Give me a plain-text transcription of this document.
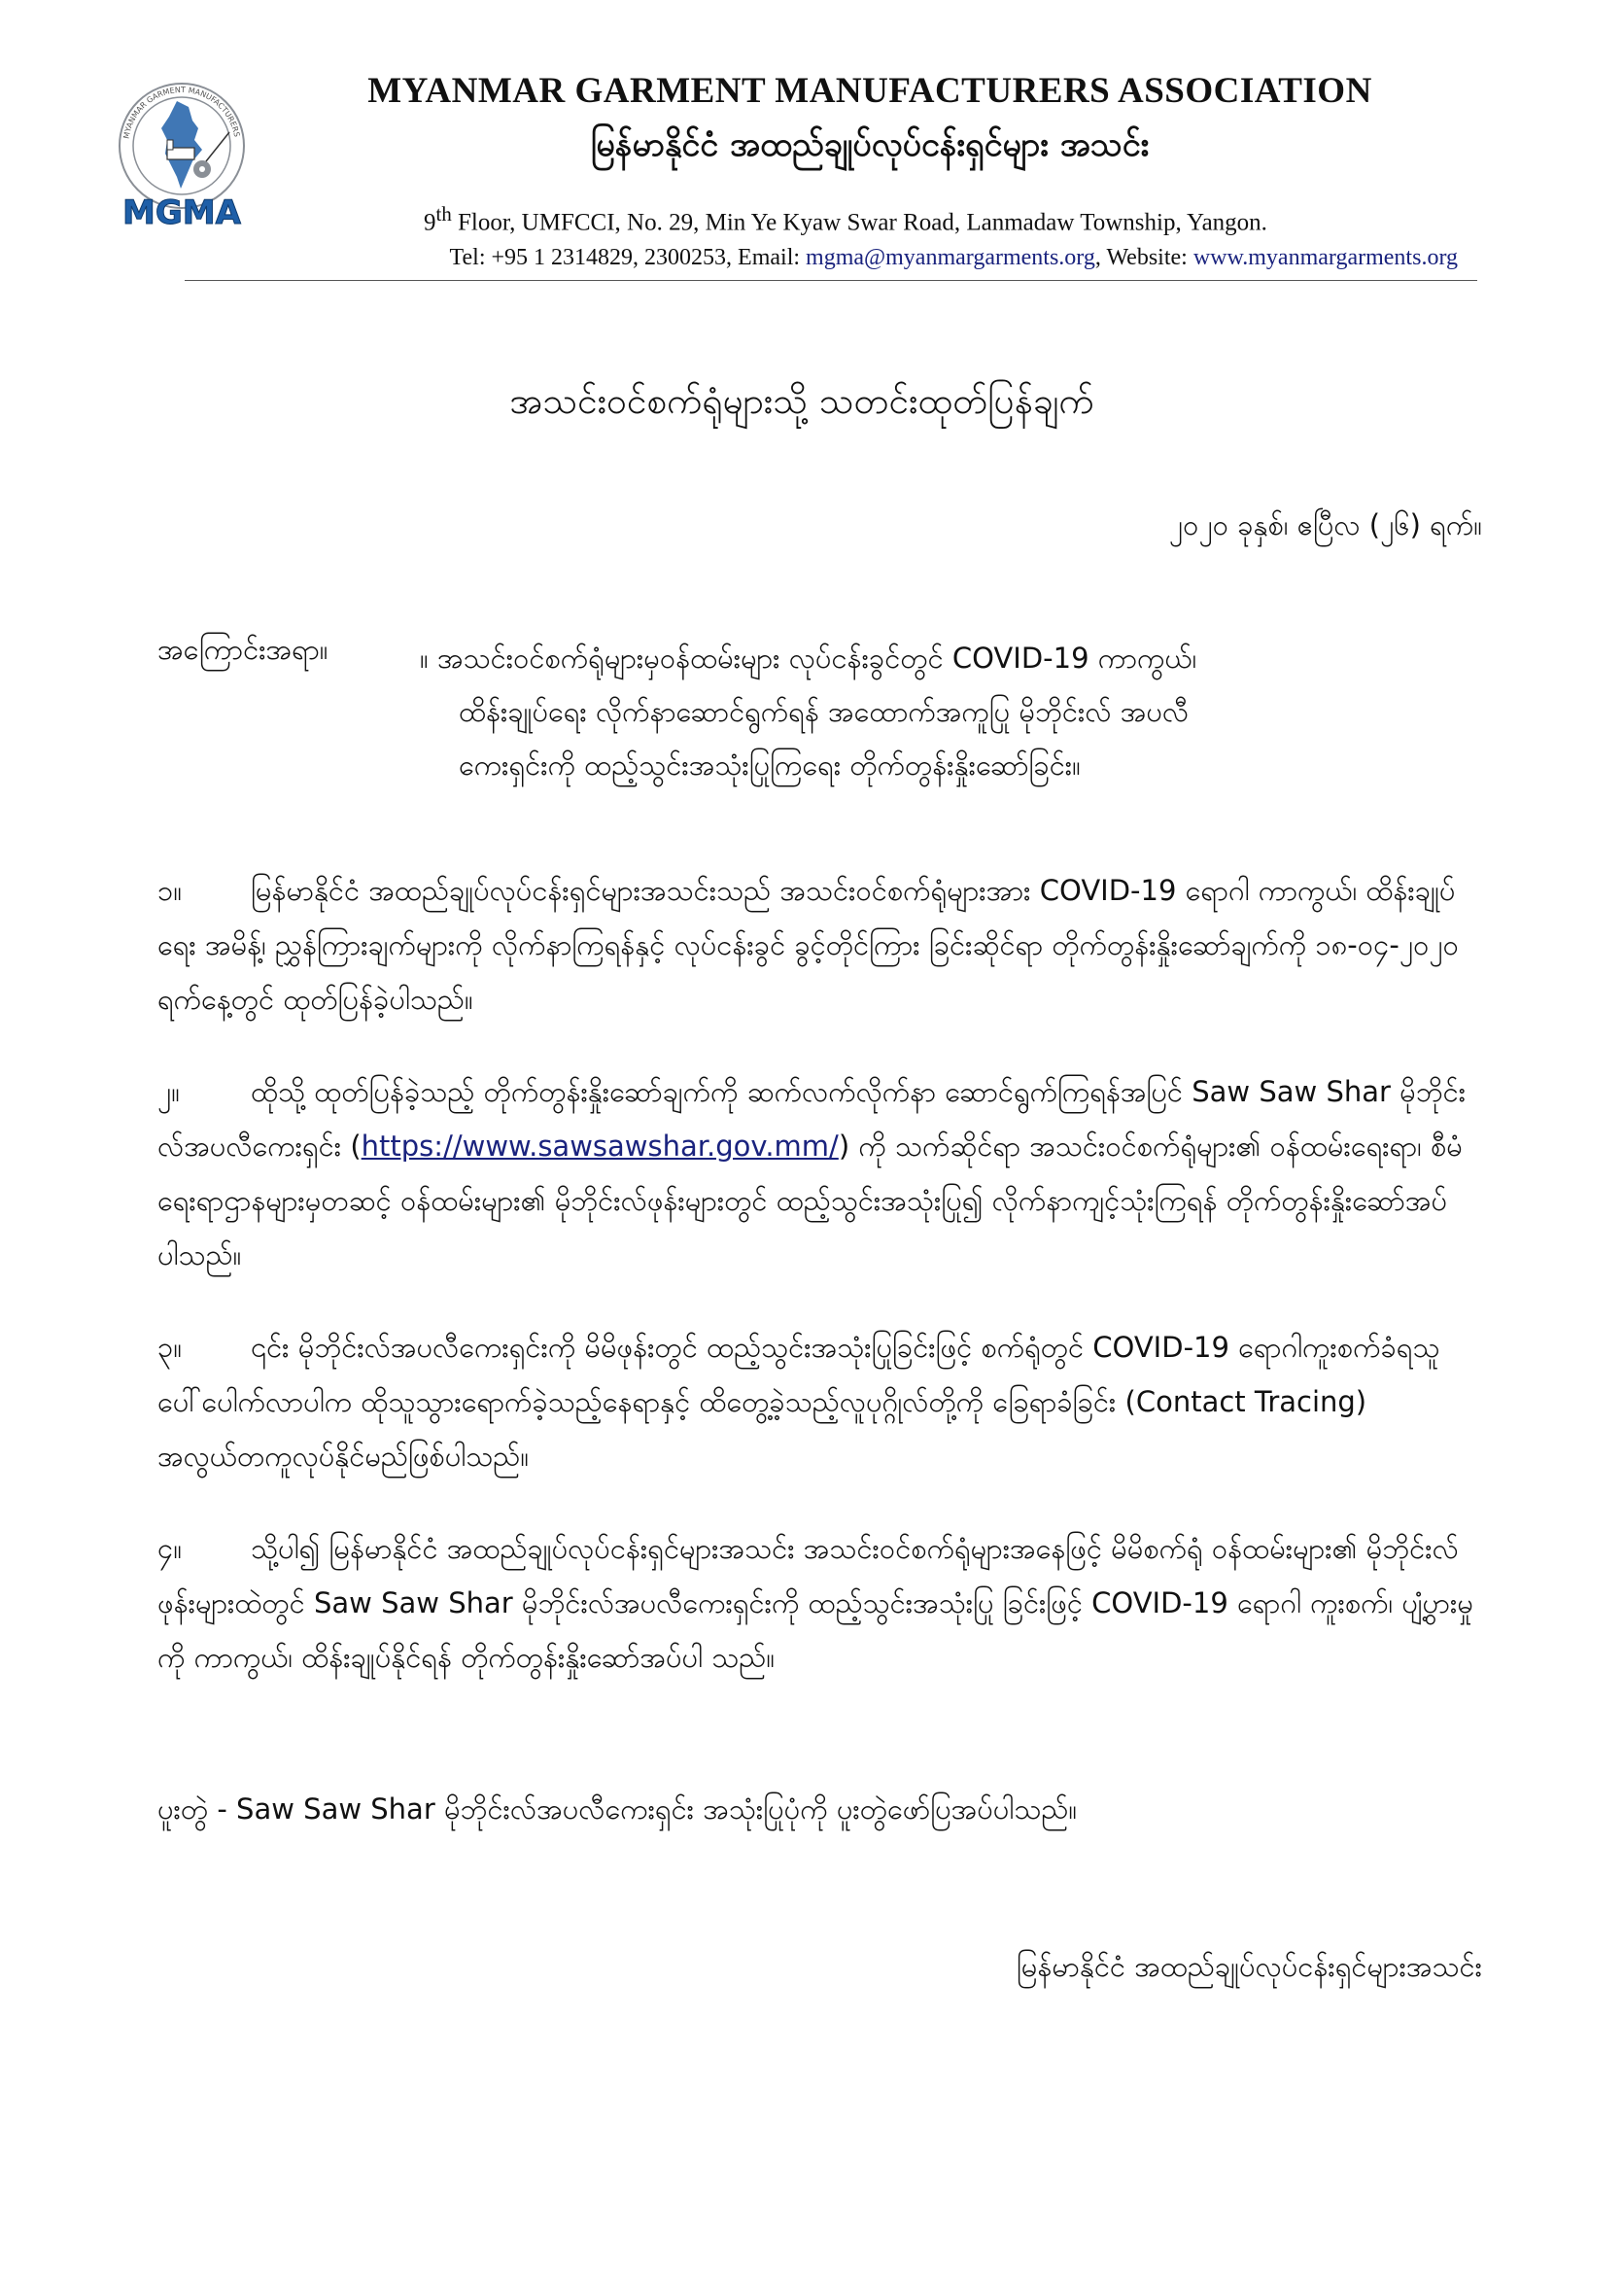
MYANMAR GARMENT MANUFACTURERS
MGMA
MYANMAR GARMENT MANUFACTURERS ASSOCIATION
မြန်မာနိုင်ငံ အထည်ချုပ်လုပ်ငန်းရှင်များ အသင်း
9th Floor, UMFCCI, No. 29, Min Ye Kyaw Swar Road, Lanmadaw Township, Yangon.
Tel: +95 1 2314829, 2300253, Email: mgma@myanmargarments.org, Website: www.myanmargarments.org
အသင်းဝင်စက်ရုံများသို့ သတင်းထုတ်ပြန်ချက်
၂၀၂၀ ခုနှစ်၊ ဧပြီလ (၂၆) ရက်။
အကြောင်းအရာ။	။ အသင်းဝင်စက်ရုံများမှဝန်ထမ်းများ လုပ်ငန်းခွင်တွင် COVID-19 ကာကွယ်၊
ထိန်းချုပ်ရေး လိုက်နာဆောင်ရွက်ရန် အထောက်အကူပြု မိုဘိုင်းလ် အပလီ
ကေးရှင်းကို ထည့်သွင်းအသုံးပြုကြရေး တိုက်တွန်းနှိုးဆော်ခြင်း။
၁။ မြန်မာနိုင်ငံ အထည်ချုပ်လုပ်ငန်းရှင်များအသင်းသည် အသင်းဝင်စက်ရုံများအား COVID-19 ရောဂါ ကာကွယ်၊ ထိန်းချုပ်ရေး အမိန့်၊ ညွှန်ကြားချက်များကို လိုက်နာကြရန်နှင့် လုပ်ငန်းခွင် ခွင့်တိုင်ကြား ခြင်းဆိုင်ရာ တိုက်တွန်းနှိုးဆော်ချက်ကို ၁၈-၀၄-၂၀၂၀ ရက်နေ့တွင် ထုတ်ပြန်ခဲ့ပါသည်။
၂။	ထိုသို့ ထုတ်ပြန်ခဲ့သည့် တိုက်တွန်းနှိုးဆော်ချက်ကို ဆက်လက်လိုက်နာ ဆောင်ရွက်ကြရန်အပြင် Saw Saw Shar မိုဘိုင်းလ်အပလီကေးရှင်း (https://www.sawsawshar.gov.mm/) ကို သက်ဆိုင်ရာ အသင်းဝင်စက်ရုံများ၏ ဝန်ထမ်းရေးရာ၊ စီမံရေးရာဌာနများမှတဆင့် ဝန်ထမ်းများ၏ မိုဘိုင်းလ်ဖုန်းများတွင် ထည့်သွင်းအသုံးပြု၍ လိုက်နာကျင့်သုံးကြရန် တိုက်တွန်းနှိုးဆော်အပ်ပါသည်။
၃။ ၎င်း မိုဘိုင်းလ်အပလီကေးရှင်းကို မိမိဖုန်းတွင် ထည့်သွင်းအသုံးပြုခြင်းဖြင့် စက်ရုံတွင် COVID-19 ရောဂါကူးစက်ခံရသူ ပေါ်ပေါက်လာပါက ထိုသူသွားရောက်ခဲ့သည့်နေရာနှင့် ထိတွေ့ခဲ့သည့်လူပုဂ္ဂိုလ်တို့ကို ခြေရာခံခြင်း (Contact Tracing) အလွယ်တကူလုပ်နိုင်မည်ဖြစ်ပါသည်။
၄။ သို့ပါ၍ မြန်မာနိုင်ငံ အထည်ချုပ်လုပ်ငန်းရှင်များအသင်း အသင်းဝင်စက်ရုံများအနေဖြင့် မိမိစက်ရုံ ဝန်ထမ်းများ၏ မိုဘိုင်းလ်ဖုန်းများထဲတွင် Saw Saw Shar မိုဘိုင်းလ်အပလီကေးရှင်းကို ထည့်သွင်းအသုံးပြု ခြင်းဖြင့် COVID-19 ရောဂါ ကူးစက်၊ ပျံ့ပွားမှုကို ကာကွယ်၊ ထိန်းချုပ်နိုင်ရန် တိုက်တွန်းနှိုးဆော်အပ်ပါ သည်။
ပူးတွဲ - Saw Saw Shar မိုဘိုင်းလ်အပလီကေးရှင်း အသုံးပြုပုံကို ပူးတွဲဖော်ပြအပ်ပါသည်။
မြန်မာနိုင်ငံ အထည်ချုပ်လုပ်ငန်းရှင်များအသင်း
